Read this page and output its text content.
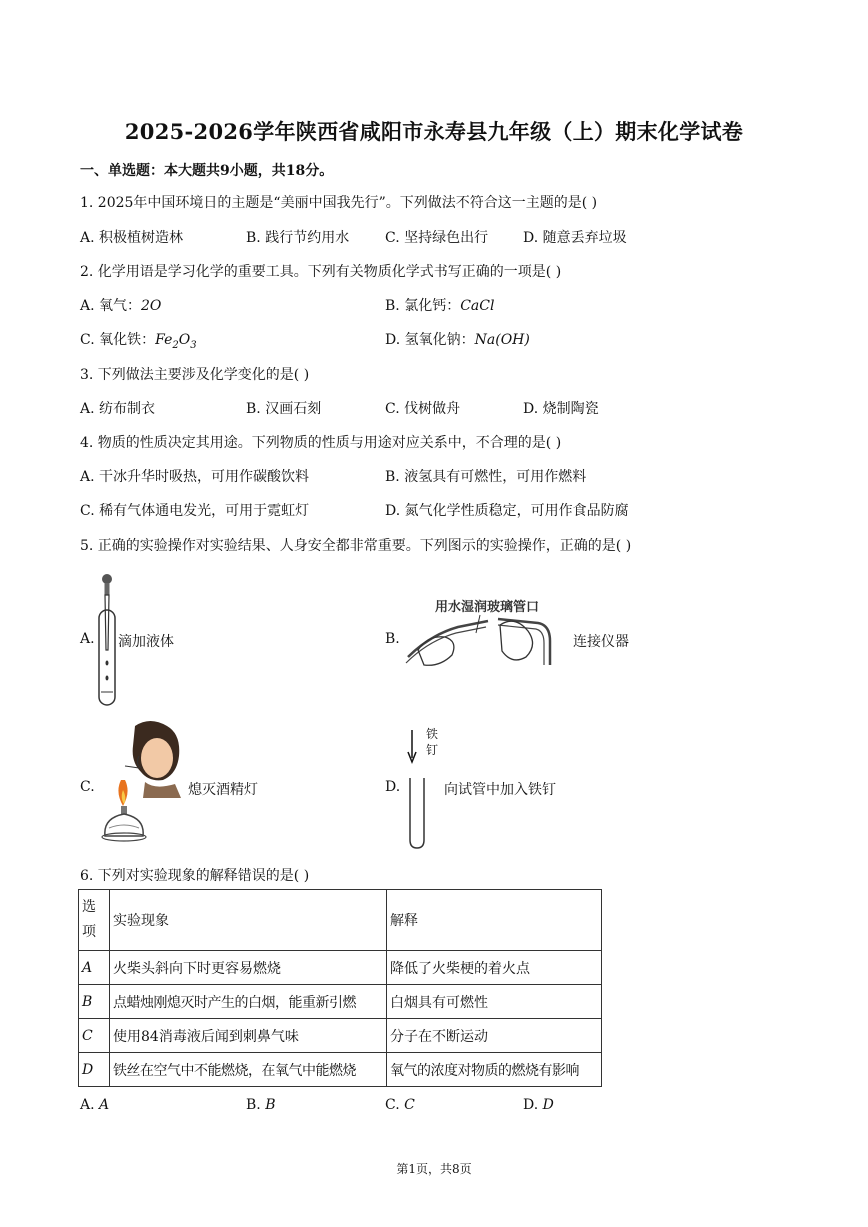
2025-2026学年陕西省咸阳市永寿县九年级（上）期末化学试卷
一、单选题：本大题共9小题，共18分。
1. 2025年中国环境日的主题是“美丽中国我先行”。下列做法不符合这一主题的是( )
A. 积极植树造林	B. 践行节约用水	C. 坚持绿色出行 D. 随意丢弃垃圾
2. 化学用语是学习化学的重要工具。下列有关物质化学式书写正确的一项是( )
A. 氧气：2O	B. 氯化钙：CaCl
C. 氧化铁：$Fe_2O_3$	D. 氢氧化钠：Na(OH)
3. 下列做法主要涉及化学变化的是( )
A. 纺布制衣	B. 汉画石刻	C. 伐树做舟	D. 烧制陶瓷
4. 物质的性质决定其用途。下列物质的性质与用途对应关系中，不合理的是( )
A. 干冰升华时吸热，可用作碳酸饮料	B. 液氢具有可燃性，可用作燃料
C. 稀有气体通电发光，可用于霓虹灯	D. 氮气化学性质稳定，可用作食品防腐
5. 正确的实验操作对实验结果、人身安全都非常重要。下列图示的实验操作，正确的是( )
A. 滴加液体	B.
用水湿润玻璃管口
连接仪器
C.	熄灭酒精灯	D.
铁
钉
向试管中加入铁钉
6. 下列对实验现象的解释错误的是( )
选
项	实验现象	解释
A	火柴头斜向下时更容易燃烧	降低了火柴梗的着火点
B	点蜡烛刚熄灭时产生的白烟，能重新引燃	白烟具有可燃性
C	使用84消毒液后闻到刺鼻气味	分子在不断运动
D	铁丝在空气中不能燃烧，在氧气中能燃烧	氧气的浓度对物质的燃烧有影响
A. A	B. B	C. C	D. D
第1页，共8页
